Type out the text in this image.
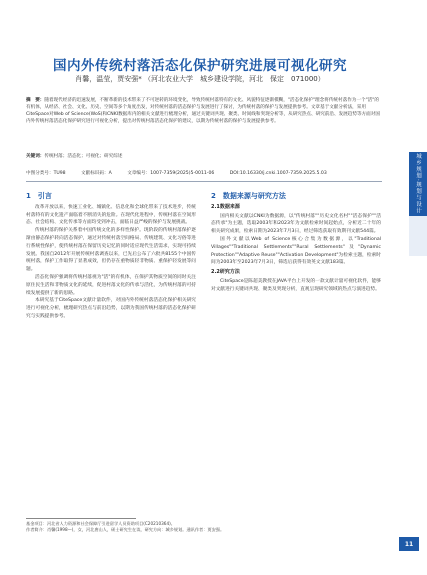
国内外传统村落活态化保护研究进展可视化研究
肖馨，温莹，贾安强* （河北农业大学　城乡建设学院，河北　保定　071000）
摘　要：随着现代经济的迅速发展，不断革新的技术带来了不可逆转的环境变化，导致传统村落特有的文化、风貌特征逐渐模糊，"活态化保护"理念将传统村落作为一个"活"的有机体，从经济、社会、文化、历史、空间等多个角度出发，对传统村落的活态保护与发展进行了探讨，为传统村落的保护与发展提供参考。文章基于文献分析法，采用CiteSpace对Web of Science(WoS)和CNKI数据库内的相关文献进行梳理分析，通过关键词共现、聚类、时间线和突现分析等，从研究热点、研究前沿、发展趋势等方面对国内外传统村落活态化保护研究进行可视化分析，提出对传统村落活态化保护的建议，以期为传统村落的保护与发展提供参考。
关键词：传统村落；活态化；可视化；研究综述
中图分类号：TU98	文献标识码：A	文章编号：1007-7359(2025)5-0011-06	DOI:10.16330/j.cnki.1007-7359.2025.5.03	城乡规划·规划与设计
1　引言

改革开放以来，快速工业化、城镇化、信息化和全球化带来了技术进步，传统村落特有的文化遗产面临着不断消失的危险。在现代化进程中，传统村落在空间形态、社会结构、文化传承等方面均受到冲击，面临日益严峻的保护与发展挑战。

传统村落的保护关系着中国传统文化的多样性保护。现阶段的传统村落保护逐渐由静态保护转向活态保护，通过对传统村落空间格局、传统建筑、文化习俗等进行系统性保护，使传统村落在保留历史记忆的同时适应现代生活需求，实现可持续发展。我国自2012年开展传统村落调查以来，已先后公布了六批共8155个中国传统村落，保护工作取得了显著成效，但仍存在重物质轻非物质、重保护轻发展等问题。

活态化保护强调将传统村落视为"活"的有机体，在保护其物质空间的同时关注原住民生活和非物质文化的延续，促进村落文化的传承与活化，为传统村落的可持续发展提供了新的思路。

本研究基于CiteSpace文献计量软件，对国内外传统村落活态化保护相关研究进行可视化分析，梳理研究热点与前沿趋势，以期为我国传统村落的活态化保护研究与实践提供参考。

2　数据来源与研究方法
2.1数据来源

国内相关文献以CNKI为数据源，以"传统村落""历史文化名村""活态保护""活态传承"为主题，选取2003年和2023年为文献检索时间起始点，分析近二十年的相关研究成果，检索日期为2023年7月3日，经过筛选获取有效期刊文献544篇。

国外文献以Web of Science核心合集为数据源，以"Traditional Villages""Traditional Settlements""Rural Settlements"及"Dynamic Protection""Adaptive Reuse""Activation Development"为检索主题，检索时间为2003年至2023年7月3日，筛选后获得有效英文文献183篇。

2.2研究方法

CiteSpace是陈超美教授在JAVA平台上开发的一款文献计量可视化软件，能够对文献进行关键词共现、聚类及突现分析，直观呈现研究领域的热点与演进趋势。

基金项目：河北省人力资源和社会保障厅引进留学人员资助项目(C20210364)。
作者简介：肖馨(1998—)，女，河北唐山人，硕士研究生在读，研究方向：城乡规划。通讯作者：贾安强。
11
